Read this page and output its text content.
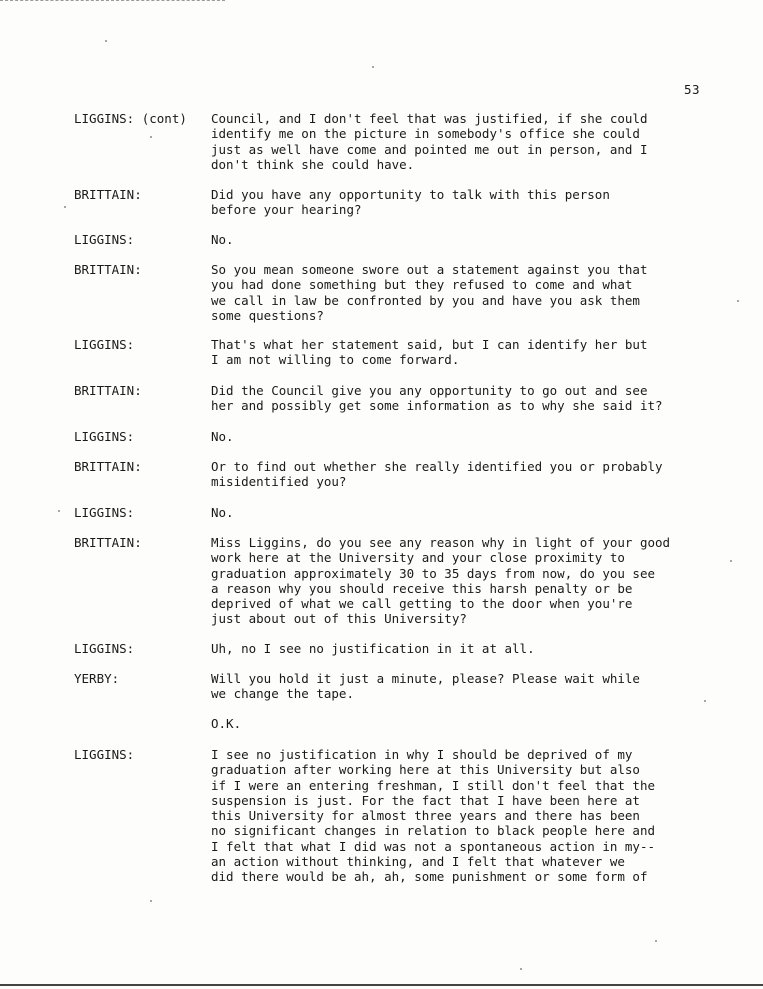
53
LIGGINS: (cont) Council, and I don't feel that was justified, if she could
identify me on the picture in somebody's office she could
just as well have come and pointed me out in person, and I
don't think she could have.
BRITTAIN:	Did you have any opportunity to talk with this person
before your hearing?
LIGGINS:	No.
BRITTAIN:	So you mean someone swore out a statement against you that
you had done something but they refused to come and what
we call in law be confronted by you and have you ask them
some questions?
LIGGINS:	That's what her statement said, but I can identify her but
I am not willing to come forward.
BRITTAIN:	Did the Council give you any opportunity to go out and see
her and possibly get some information as to why she said it?
LIGGINS:	No.
BRITTAIN:	Or to find out whether she really identified you or probably
misidentified you?
LIGGINS:	No.
BRITTAIN:	Miss Liggins, do you see any reason why in light of your good
work here at the University and your close proximity to
graduation approximately 30 to 35 days from now, do you see
a reason why you should receive this harsh penalty or be
deprived of what we call getting to the door when you're
just about out of this University?
LIGGINS:	Uh, no I see no justification in it at all.
YERBY:	Will you hold it just a minute, please? Please wait while
we change the tape.
O.K.
LIGGINS:	I see no justification in why I should be deprived of my
graduation after working here at this University but also
if I were an entering freshman, I still don't feel that the
suspension is just. For the fact that I have been here at
this University for almost three years and there has been
no significant changes in relation to black people here and
I felt that what I did was not a spontaneous action in my--
an action without thinking, and I felt that whatever we
did there would be ah, ah, some punishment or some form of
